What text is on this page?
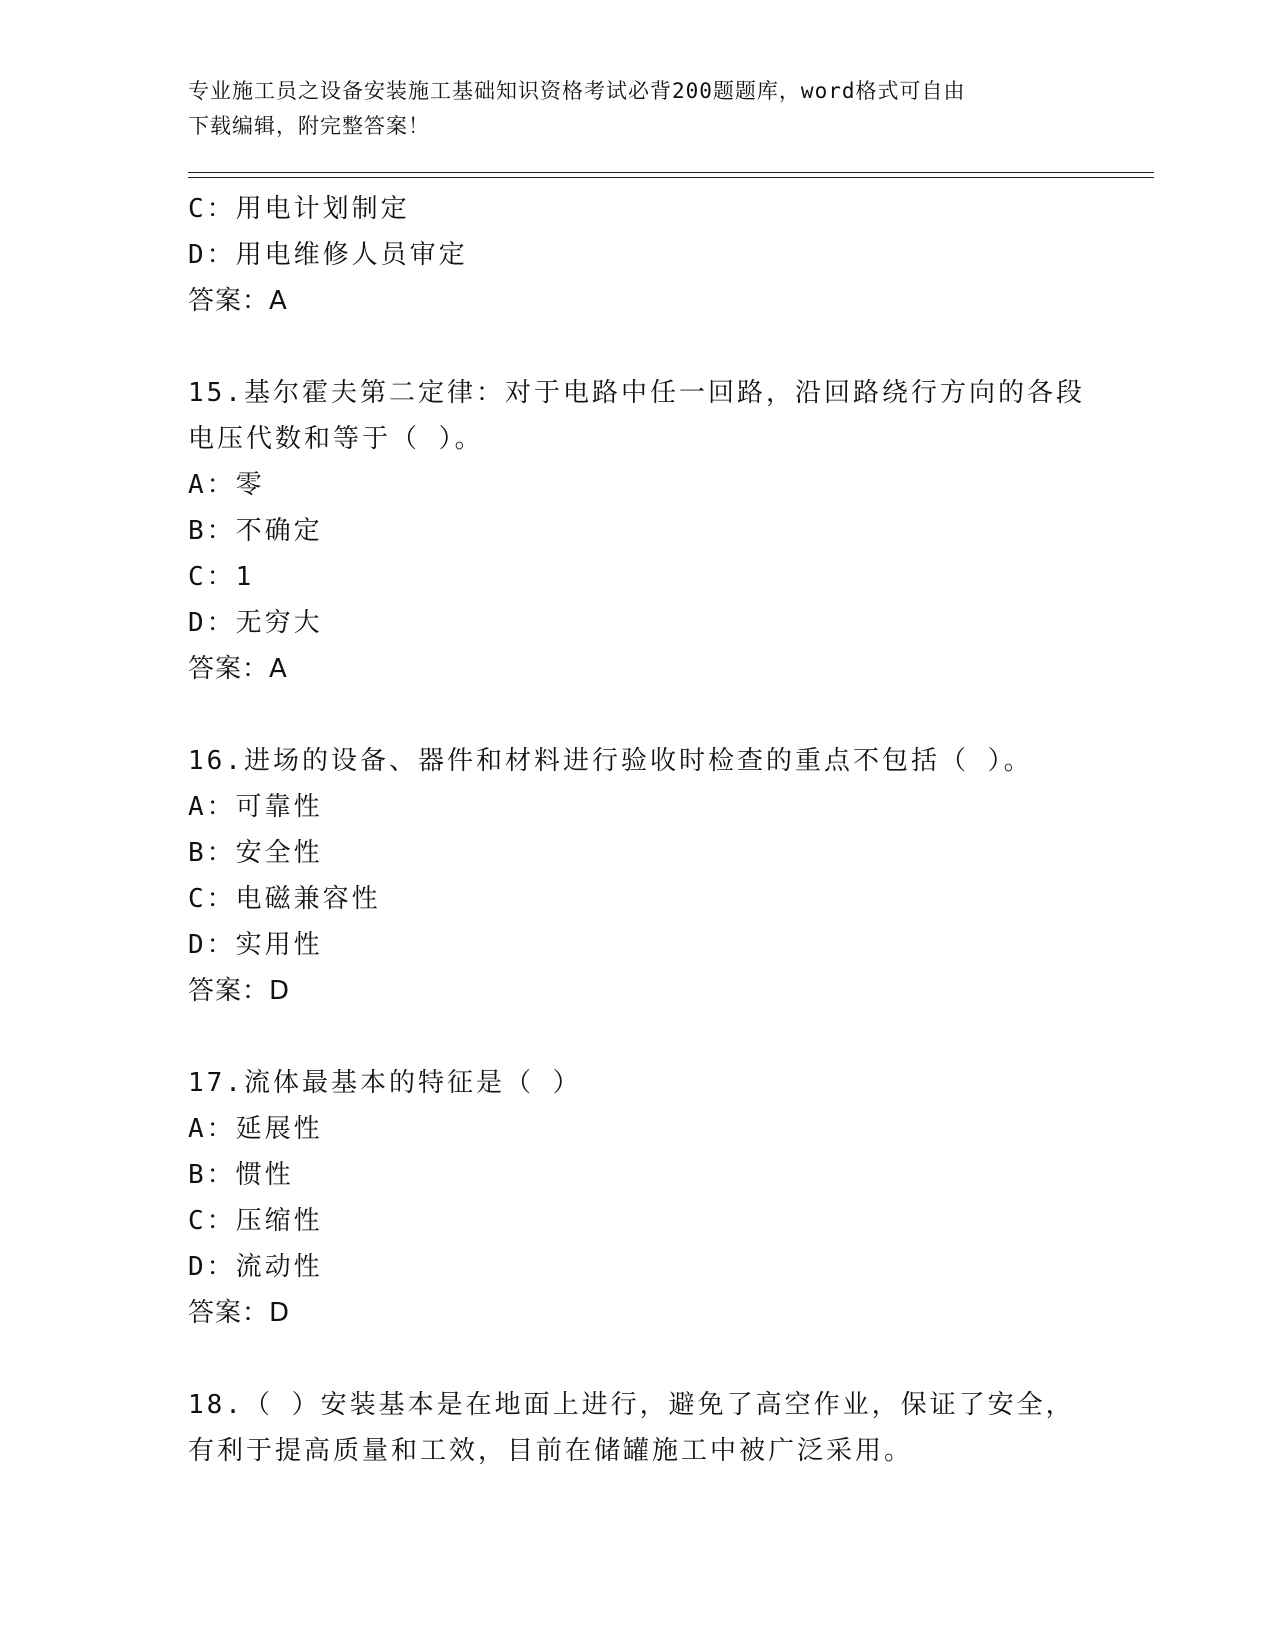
专业施工员之设备安装施工基础知识资格考试必背200题题库，word格式可自由
下载编辑，附完整答案！
C：用电计划制定
D：用电维修人员审定
答案：A
15.基尔霍夫第二定律：对于电路中任一回路，沿回路绕行方向的各段
电压代数和等于（ ）。
A：零
B：不确定
C：1
D：无穷大
答案：A
16.进场的设备、器件和材料进行验收时检查的重点不包括（ ）。
A：可靠性
B：安全性
C：电磁兼容性
D：实用性
答案：D
17.流体最基本的特征是（ ）
A：延展性
B：惯性
C：压缩性
D：流动性
答案：D
18.（ ）安装基本是在地面上进行，避免了高空作业，保证了安全，
有利于提高质量和工效，目前在储罐施工中被广泛采用。
